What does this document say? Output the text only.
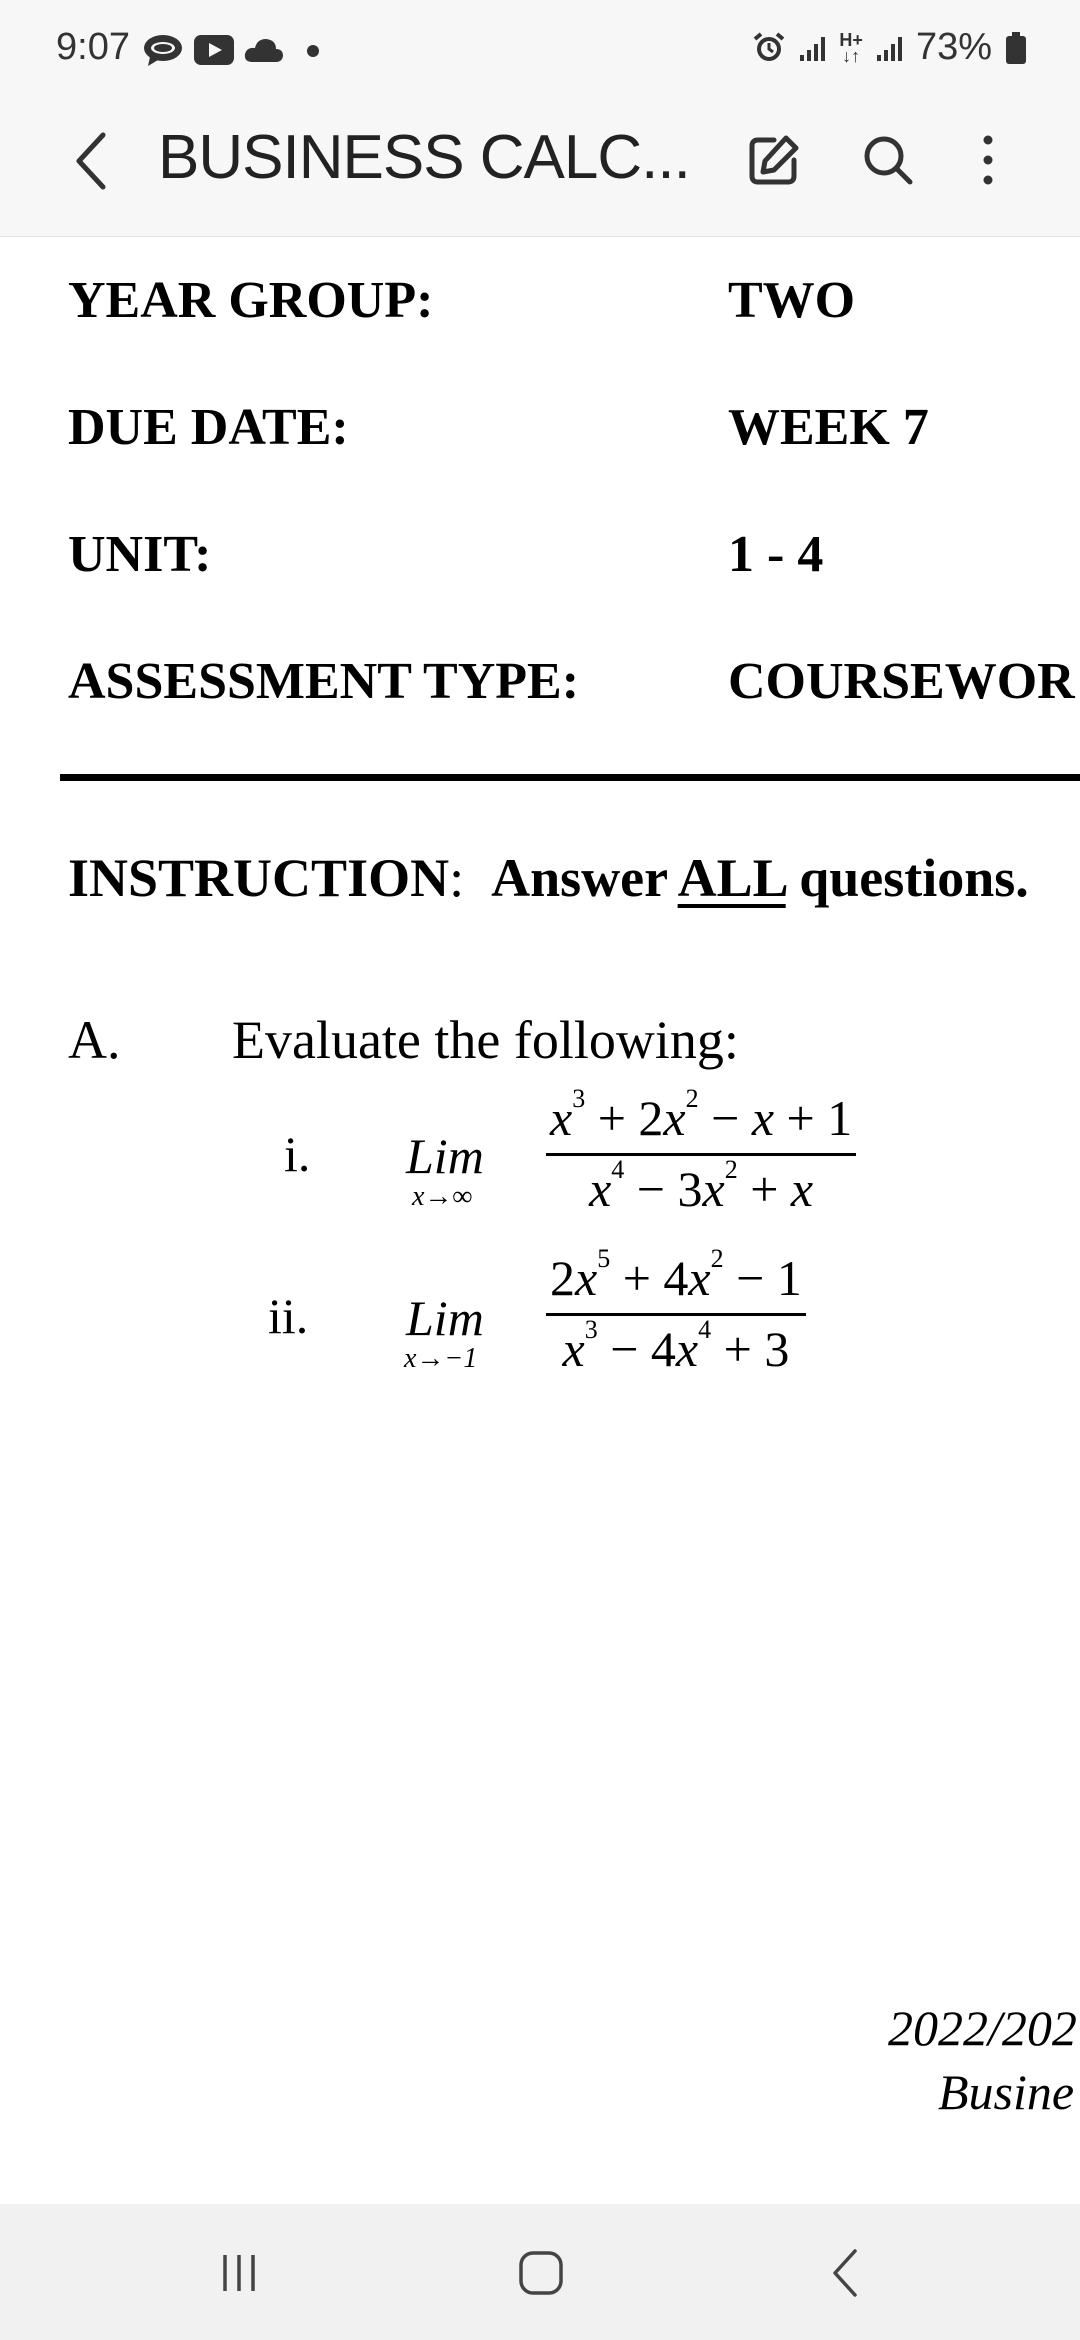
9:07	H+
↓↑ 73%
BUSINESS CALC...
YEAR GROUP:	TWO
DUE DATE:	WEEK 7
UNIT:	1 - 4
ASSESSMENT TYPE:	COURSEWOR
INSTRUCTION:  Answer ALL questions.
A. Evaluate the following:
i. Lim
$x\to\infty \frac{x^3 + 2x^2 - x + 1}{x^4 - 3x^2 + x}$
ii. Lim
$x\to-1 \frac{2x^5 + 4x^2 - 1}{x^3 - 4x^4 + 3}$
2022/202
Busine
